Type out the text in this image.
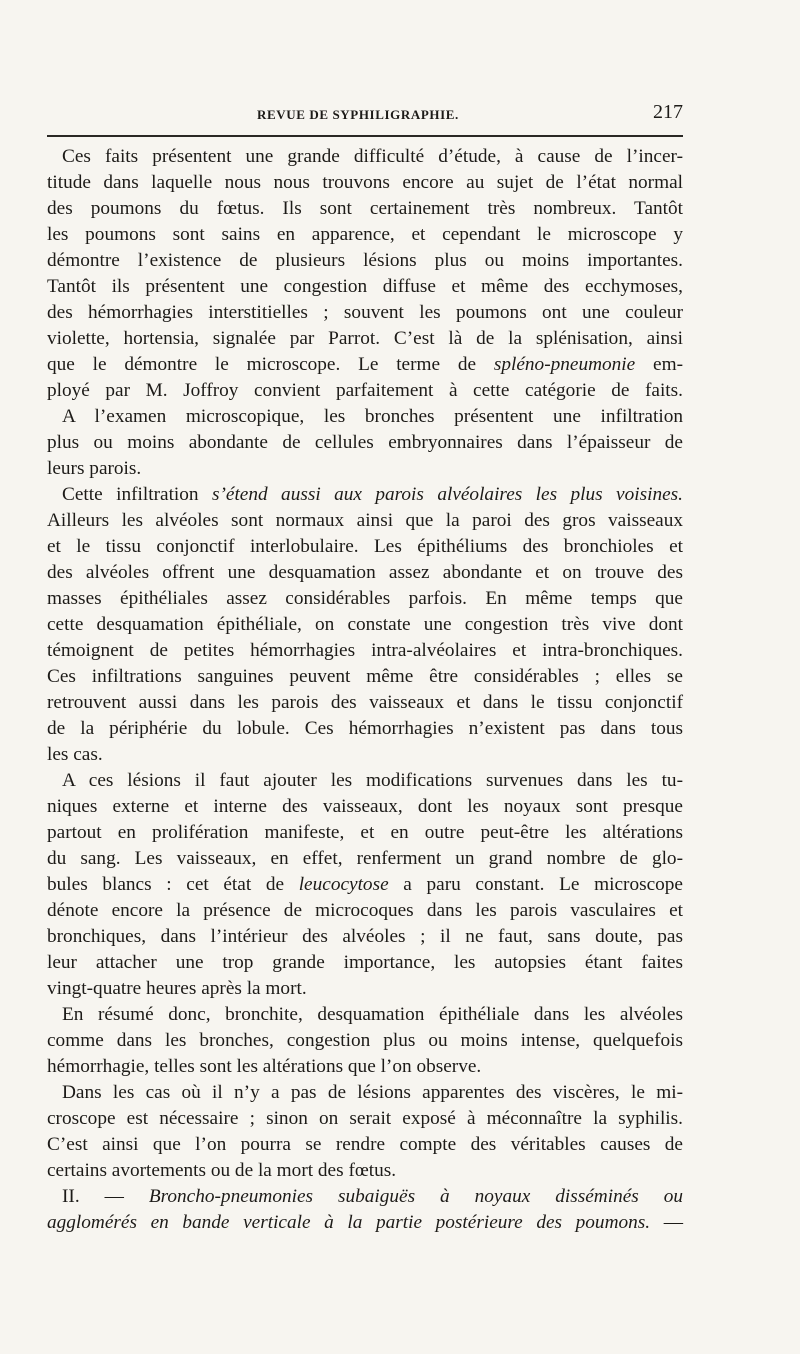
REVUE DE SYPHILIGRAPHIE.	217
Ces faits présentent une grande difficulté d’étude, à cause de l’incer-
titude dans laquelle nous nous trouvons encore au sujet de l’état normal
des poumons du fœtus. Ils sont certainement très nombreux. Tantôt
les poumons sont sains en apparence, et cependant le microscope y
démontre l’existence de plusieurs lésions plus ou moins importantes.
Tantôt ils présentent une congestion diffuse et même des ecchymoses,
des hémorrhagies interstitielles ; souvent les poumons ont une couleur
violette, hortensia, signalée par Parrot. C’est là de la splénisation, ainsi
que le démontre le microscope. Le terme de spléno-pneumonie em-
ployé par M. Joffroy convient parfaitement à cette catégorie de faits.
A l’examen microscopique, les bronches présentent une infiltration
plus ou moins abondante de cellules embryonnaires dans l’épaisseur de
leurs parois.
Cette infiltration s’étend aussi aux parois alvéolaires les plus voisines.
Ailleurs les alvéoles sont normaux ainsi que la paroi des gros vaisseaux
et le tissu conjonctif interlobulaire. Les épithéliums des bronchioles et
des alvéoles offrent une desquamation assez abondante et on trouve des
masses épithéliales assez considérables parfois. En même temps que
cette desquamation épithéliale, on constate une congestion très vive dont
témoignent de petites hémorrhagies intra-alvéolaires et intra-bronchiques.
Ces infiltrations sanguines peuvent même être considérables ; elles se
retrouvent aussi dans les parois des vaisseaux et dans le tissu conjonctif
de la périphérie du lobule. Ces hémorrhagies n’existent pas dans tous
les cas.
A ces lésions il faut ajouter les modifications survenues dans les tu-
niques externe et interne des vaisseaux, dont les noyaux sont presque
partout en prolifération manifeste, et en outre peut-être les altérations
du sang. Les vaisseaux, en effet, renferment un grand nombre de glo-
bules blancs : cet état de leucocytose a paru constant. Le microscope
dénote encore la présence de microcoques dans les parois vasculaires et
bronchiques, dans l’intérieur des alvéoles ; il ne faut, sans doute, pas
leur attacher une trop grande importance, les autopsies étant faites
vingt-quatre heures après la mort.
En résumé donc, bronchite, desquamation épithéliale dans les alvéoles
comme dans les bronches, congestion plus ou moins intense, quelquefois
hémorrhagie, telles sont les altérations que l’on observe.
Dans les cas où il n’y a pas de lésions apparentes des viscères, le mi-
croscope est nécessaire ; sinon on serait exposé à méconnaître la syphilis.
C’est ainsi que l’on pourra se rendre compte des véritables causes de
certains avortements ou de la mort des fœtus.
II. — Broncho-pneumonies subaiguës à noyaux disséminés ou
agglomérés en bande verticale à la partie postérieure des poumons. —
